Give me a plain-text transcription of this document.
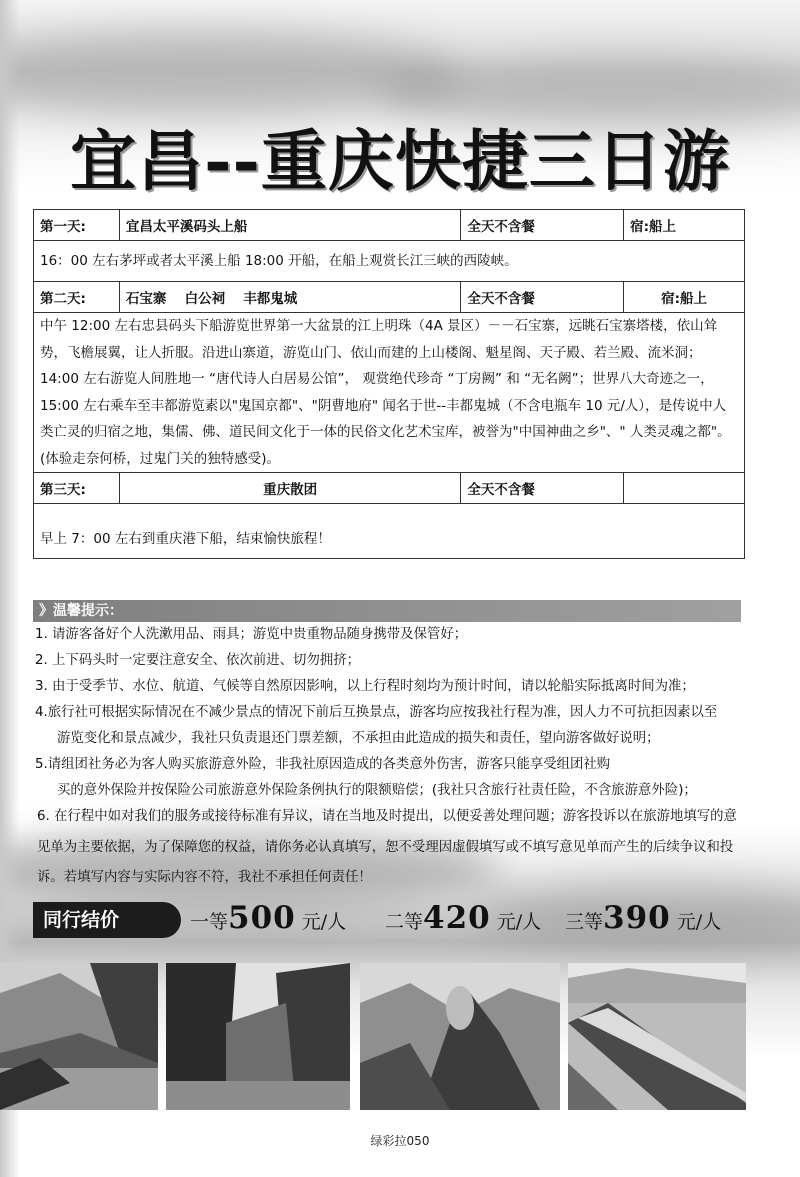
宜昌--重庆快捷三日游
第一天:	宜昌太平溪码头上船	全天不含餐	宿:船上
16：00 左右茅坪或者太平溪上船 18:00 开船，在船上观赏长江三峡的西陵峡。			
第二天:	石宝寨　 白公祠　 丰都鬼城	全天不含餐	宿:船上
中午 12:00 左右忠县码头下船游览世界第一大盆景的江上明珠（4A 景区）－－石宝寨，远眺石宝寨塔楼，依山耸势，飞檐展翼，让人折服。沿进山寨道，游览山门、依山而建的上山楼阁、魁星阁、天子殿、若兰殿、流米洞；14:00 左右游览人间胜地一 “唐代诗人白居易公馆”， 观赏绝代珍奇 “丁房阙” 和 “无名阙”；世界八大奇迹之一，15:00 左右乘车至丰都游览素以"鬼国京都"、"阴曹地府" 闻名于世--丰都鬼城（不含电瓶车 10 元/人），是传说中人类亡灵的归宿之地，集儒、佛、道民间文化于一体的民俗文化艺术宝库，被誉为"中国神曲之乡"、" 人类灵魂之都"。(体验走奈何桥，过鬼门关的独特感受)。			
第三天:	重庆散团	全天不含餐	
早上 7：00 左右到重庆港下船，结束愉快旅程！			
》温馨提示：
1. 请游客备好个人洗漱用品、雨具；游览中贵重物品随身携带及保管好；
2. 上下码头时一定要注意安全、依次前进、切勿拥挤；
3. 由于受季节、水位、航道、气候等自然原因影响，以上行程时刻均为预计时间，请以轮船实际抵离时间为准；
4.旅行社可根据实际情况在不减少景点的情况下前后互换景点，游客均应按我社行程为准，因人力不可抗拒因素以至
游览变化和景点减少，我社只负责退还门票差额，不承担由此造成的损失和责任，望向游客做好说明；
5.请组团社务必为客人购买旅游意外险，非我社原因造成的各类意外伤害，游客只能享受组团社购
买的意外保险并按保险公司旅游意外保险条例执行的限额赔偿；(我社只含旅行社责任险，不含旅游意外险)；
6. 在行程中如对我们的服务或接待标准有异议，请在当地及时提出，以便妥善处理问题；游客投诉以在旅游地填写的意见单为主要依据，为了保障您的权益，请你务必认真填写，恕不受理因虚假填写或不填写意见单而产生的后续争议和投诉。若填写内容与实际内容不符，我社不承担任何责任！
同行结价	一等500 元/人 二等420 元/人 三等390 元/人
绿彩拉050
